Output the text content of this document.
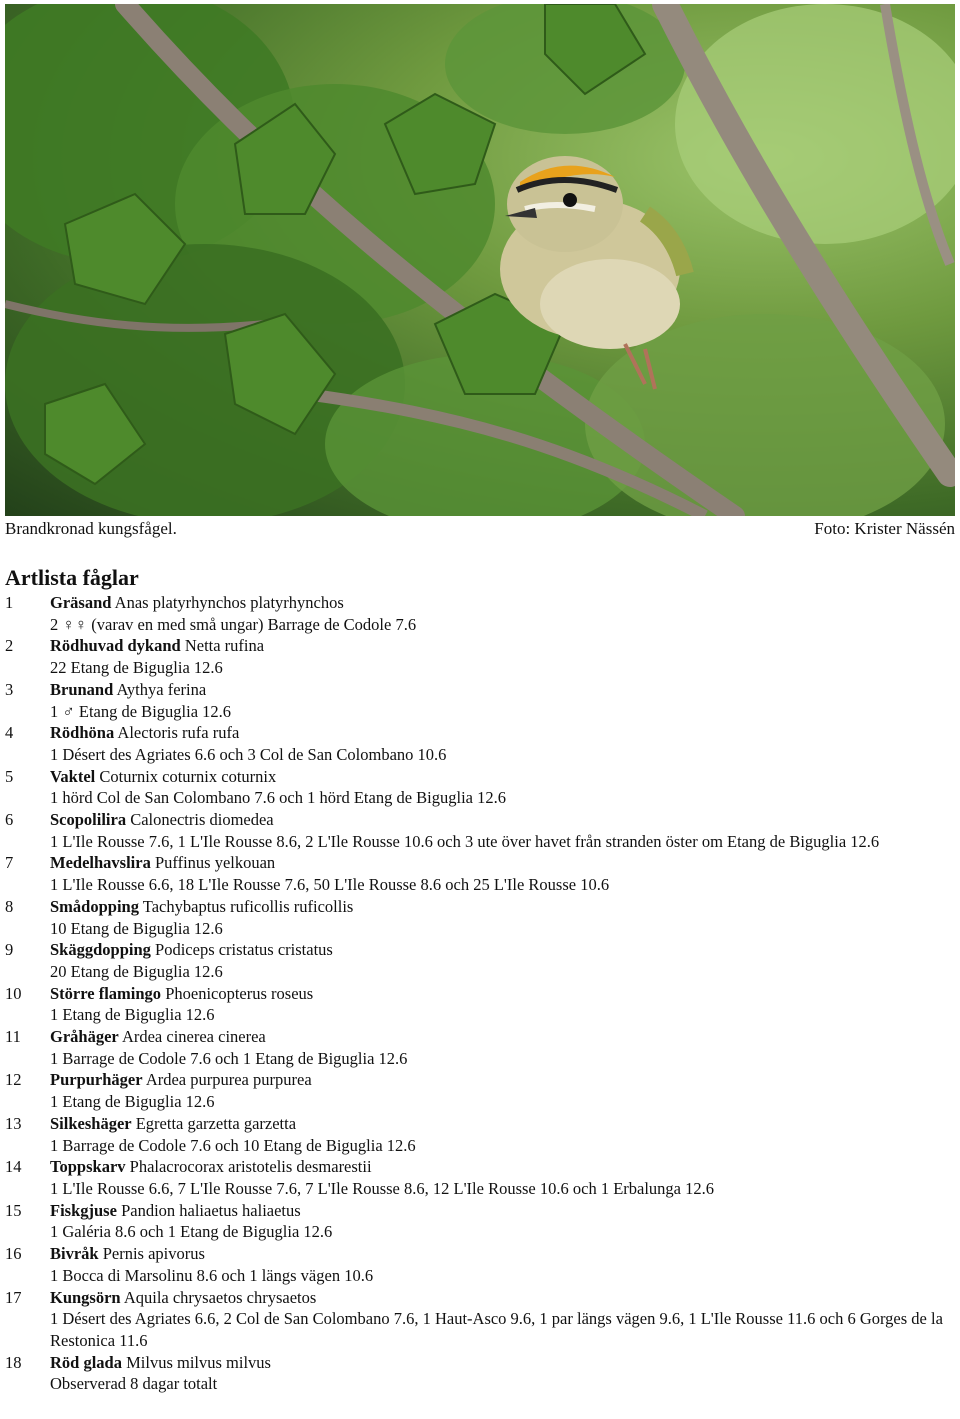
Brandkronad kungsfågel.	Foto: Krister Nässén
Artlista fåglar
1 Gräsand Anas platyrhynchos platyrhynchos
2 ♀♀ (varav en med små ungar) Barrage de Codole 7.6
2 Rödhuvad dykand Netta rufina
22 Etang de Biguglia 12.6
3 Brunand Aythya ferina
1 ♂ Etang de Biguglia 12.6
4 Rödhöna Alectoris rufa rufa
1 Désert des Agriates 6.6 och 3 Col de San Colombano 10.6
5 Vaktel Coturnix coturnix coturnix
1 hörd Col de San Colombano 7.6 och 1 hörd Etang de Biguglia 12.6
6 Scopolilira Calonectris diomedea
1 L'Ile Rousse 7.6, 1 L'Ile Rousse 8.6, 2 L'Ile Rousse 10.6 och 3 ute över havet från stranden öster om Etang de Biguglia 12.6
7 Medelhavslira Puffinus yelkouan
1 L'Ile Rousse 6.6, 18 L'Ile Rousse 7.6, 50 L'Ile Rousse 8.6 och 25 L'Ile Rousse 10.6
8 Smådopping Tachybaptus ruficollis ruficollis
10 Etang de Biguglia 12.6
9 Skäggdopping Podiceps cristatus cristatus
20 Etang de Biguglia 12.6
10 Större flamingo Phoenicopterus roseus
1 Etang de Biguglia 12.6
11 Gråhäger Ardea cinerea cinerea
1 Barrage de Codole 7.6 och 1 Etang de Biguglia 12.6
12 Purpurhäger Ardea purpurea purpurea
1 Etang de Biguglia 12.6
13 Silkeshäger Egretta garzetta garzetta
1 Barrage de Codole 7.6 och 10 Etang de Biguglia 12.6
14 Toppskarv Phalacrocorax aristotelis desmarestii
1 L'Ile Rousse 6.6, 7 L'Ile Rousse 7.6, 7 L'Ile Rousse 8.6, 12 L'Ile Rousse 10.6 och 1 Erbalunga 12.6
15 Fiskgjuse Pandion haliaetus haliaetus
1 Galéria 8.6 och 1 Etang de Biguglia 12.6
16 Bivråk Pernis apivorus
1 Bocca di Marsolinu 8.6 och 1 längs vägen 10.6
17 Kungsörn Aquila chrysaetos chrysaetos
1 Désert des Agriates 6.6, 2 Col de San Colombano 7.6, 1 Haut-Asco 9.6, 1 par längs vägen 9.6, 1 L'Ile Rousse 11.6 och 6 Gorges de la Restonica 11.6
18 Röd glada Milvus milvus milvus
Observerad 8 dagar totalt
